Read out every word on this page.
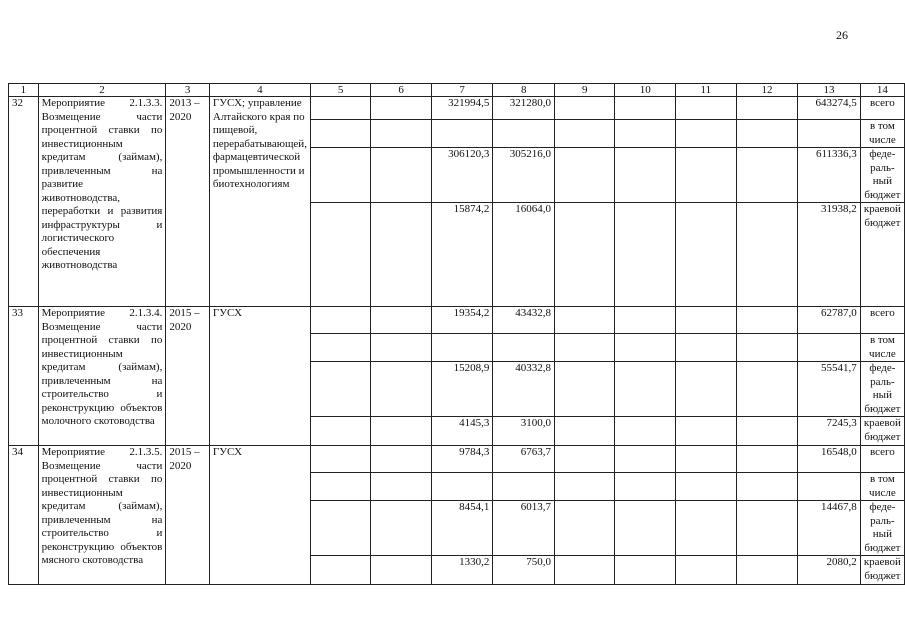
26
1	2	3	4	5	6	7	8	9	10	11	12	13	14
32	Мероприятие 2.1.3.3. Возмещение части процентной ставки по инвестиционным кредитам (займам), привлеченным на развитие животноводства, переработки и развития инфраструктуры и логистического обеспечения животноводства	2013 – 2020	ГУСХ; управление Алтайского края по пищевой, перерабатывающей, фармацевтической промышленности и биотехнологиям			321994,5	321280,0					643274,5	всего
													в том числе
						306120,3	305216,0					611336,3	феде-раль-ный бюджет
						15874,2	16064,0					31938,2	краевой бюджет
33	Мероприятие 2.1.3.4. Возмещение части процентной ставки по инвестиционным кредитам (займам), привлеченным на строительство и реконструкцию объектов молочного скотоводства	2015 – 2020	ГУСХ			19354,2	43432,8					62787,0	всего
													в том числе
						15208,9	40332,8					55541,7	феде-раль-ный бюджет
						4145,3	3100,0					7245,3	краевой бюджет
34	Мероприятие 2.1.3.5. Возмещение части процентной ставки по инвестиционным кредитам (займам), привлеченным на строительство и реконструкцию объектов мясного скотоводства	2015 – 2020	ГУСХ			9784,3	6763,7					16548,0	всего
													в том числе
						8454,1	6013,7					14467,8	феде-раль-ный бюджет
						1330,2	750,0					2080,2	краевой бюджет
